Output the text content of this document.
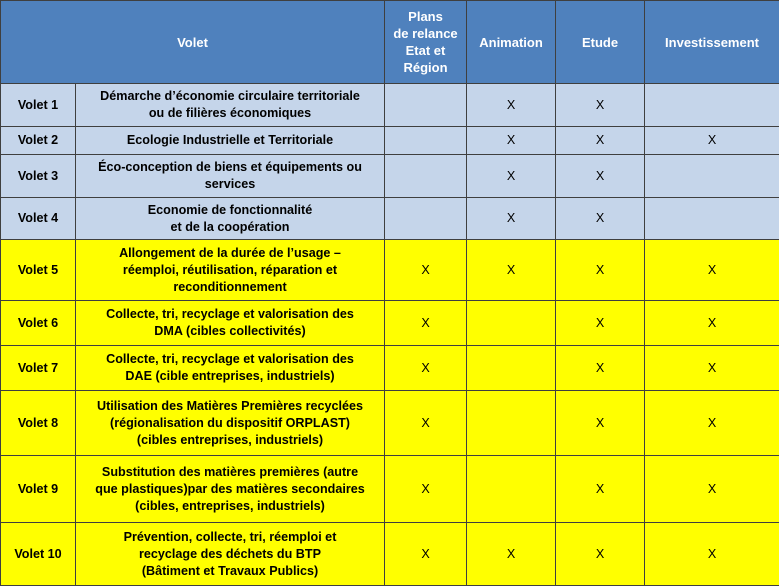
Volet		Plans
de relance
Etat et
Région	Animation	Etude	Investissement
Volet 1	Démarche d’économie circulaire territoriale
ou de filières économiques		X	X	
Volet 2	Ecologie Industrielle et Territoriale		X	X	X
Volet 3	Éco-conception de biens et équipements ou
services		X	X	
Volet 4	Economie de fonctionnalité
et de la coopération		X	X	
Volet 5	Allongement de la durée de l’usage –
réemploi, réutilisation, réparation et
reconditionnement	X	X	X	X
Volet 6	Collecte, tri, recyclage et valorisation des
DMA (cibles collectivités)	X		X	X
Volet 7	Collecte, tri, recyclage et valorisation des
DAE (cible entreprises, industriels)	X		X	X
Volet 8	Utilisation des Matières Premières recyclées
(régionalisation du dispositif ORPLAST)
(cibles entreprises, industriels)	X		X	X
Volet 9	Substitution des matières premières (autre
que plastiques)par des matières secondaires
(cibles, entreprises, industriels)	X		X	X
Volet 10	Prévention, collecte, tri, réemploi et
recyclage des déchets du BTP
(Bâtiment et Travaux Publics)	X	X	X	X
